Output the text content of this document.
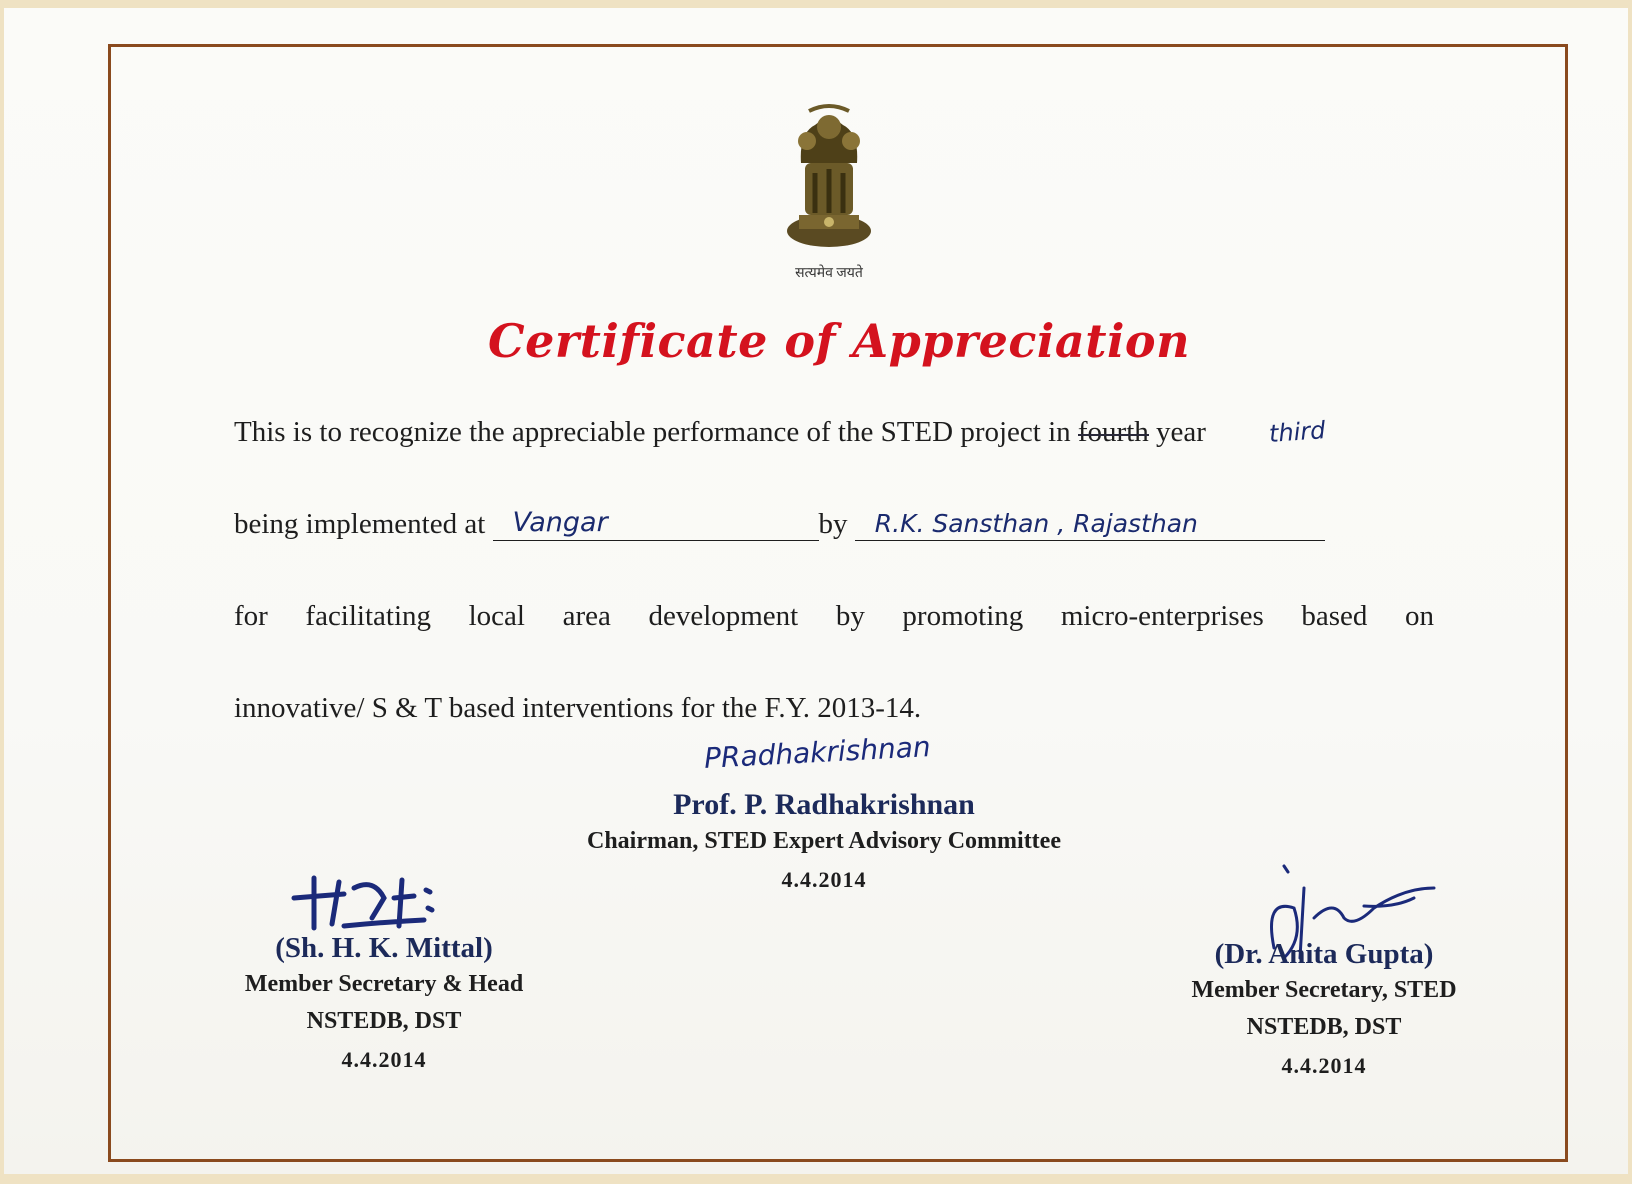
सत्यमेव जयते
Certificate of Appreciation
This is to recognize the appreciable performance of the STED project in fourth year	third
being implemented at Vangar	by R.K. Sansthan , Rajasthan
for facilitating local area development by promoting micro-enterprises based on
innovative/ S & T based interventions for the F.Y. 2013-14.
PRadhakrishnan
Prof. P. Radhakrishnan
Chairman, STED Expert Advisory Committee
4.4.2014
(Sh. H. K. Mittal)
Member Secretary & Head
NSTEDB, DST
4.4.2014
(Dr. Anita Gupta)
Member Secretary, STED
NSTEDB, DST
4.4.2014
